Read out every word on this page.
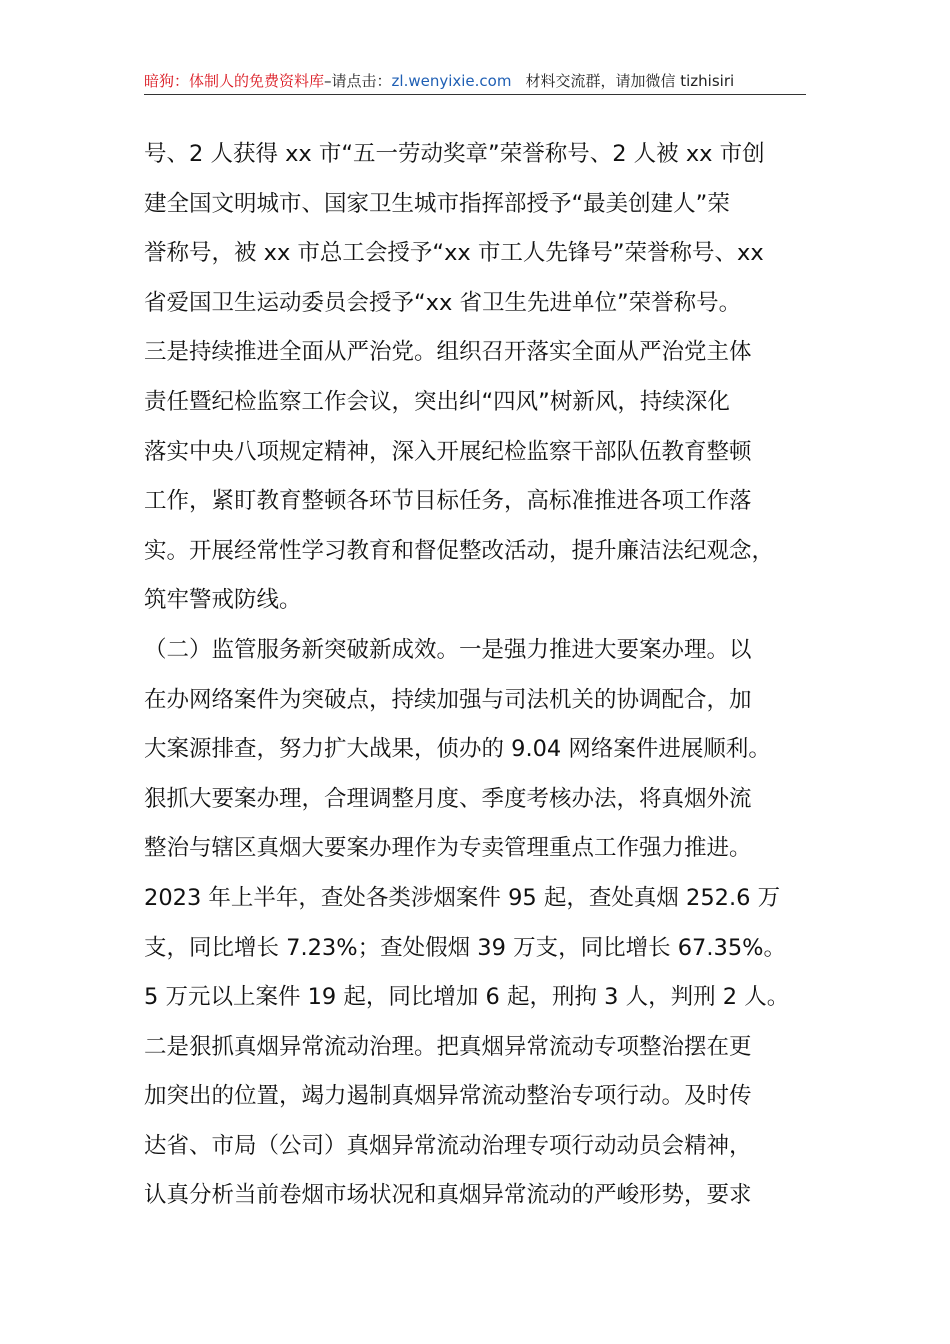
暗狗：体制人的免费资料库–请点击：zl.wenyixie.com 材料交流群，请加微信 tizhisiri
号、2 人获得 xx 市“五一劳动奖章”荣誉称号、2 人被 xx 市创
建全国文明城市、国家卫生城市指挥部授予“最美创建人”荣
誉称号，被 xx 市总工会授予“xx 市工人先锋号”荣誉称号、xx
省爱国卫生运动委员会授予“xx 省卫生先进单位”荣誉称号。
三是持续推进全面从严治党。组织召开落实全面从严治党主体
责任暨纪检监察工作会议，突出纠“四风”树新风，持续深化
落实中央八项规定精神，深入开展纪检监察干部队伍教育整顿
工作，紧盯教育整顿各环节目标任务，高标准推进各项工作落
实。开展经常性学习教育和督促整改活动，提升廉洁法纪观念，
筑牢警戒防线。
（二）监管服务新突破新成效。一是强力推进大要案办理。以
在办网络案件为突破点，持续加强与司法机关的协调配合，加
大案源排查，努力扩大战果，侦办的 9.04 网络案件进展顺利。
狠抓大要案办理，合理调整月度、季度考核办法，将真烟外流
整治与辖区真烟大要案办理作为专卖管理重点工作强力推进。
2023 年上半年，查处各类涉烟案件 95 起，查处真烟 252.6 万
支，同比增长 7.23%；查处假烟 39 万支，同比增长 67.35%。
5 万元以上案件 19 起，同比增加 6 起，刑拘 3 人，判刑 2 人。
二是狠抓真烟异常流动治理。把真烟异常流动专项整治摆在更
加突出的位置，竭力遏制真烟异常流动整治专项行动。及时传
达省、市局（公司）真烟异常流动治理专项行动动员会精神，
认真分析当前卷烟市场状况和真烟异常流动的严峻形势，要求
